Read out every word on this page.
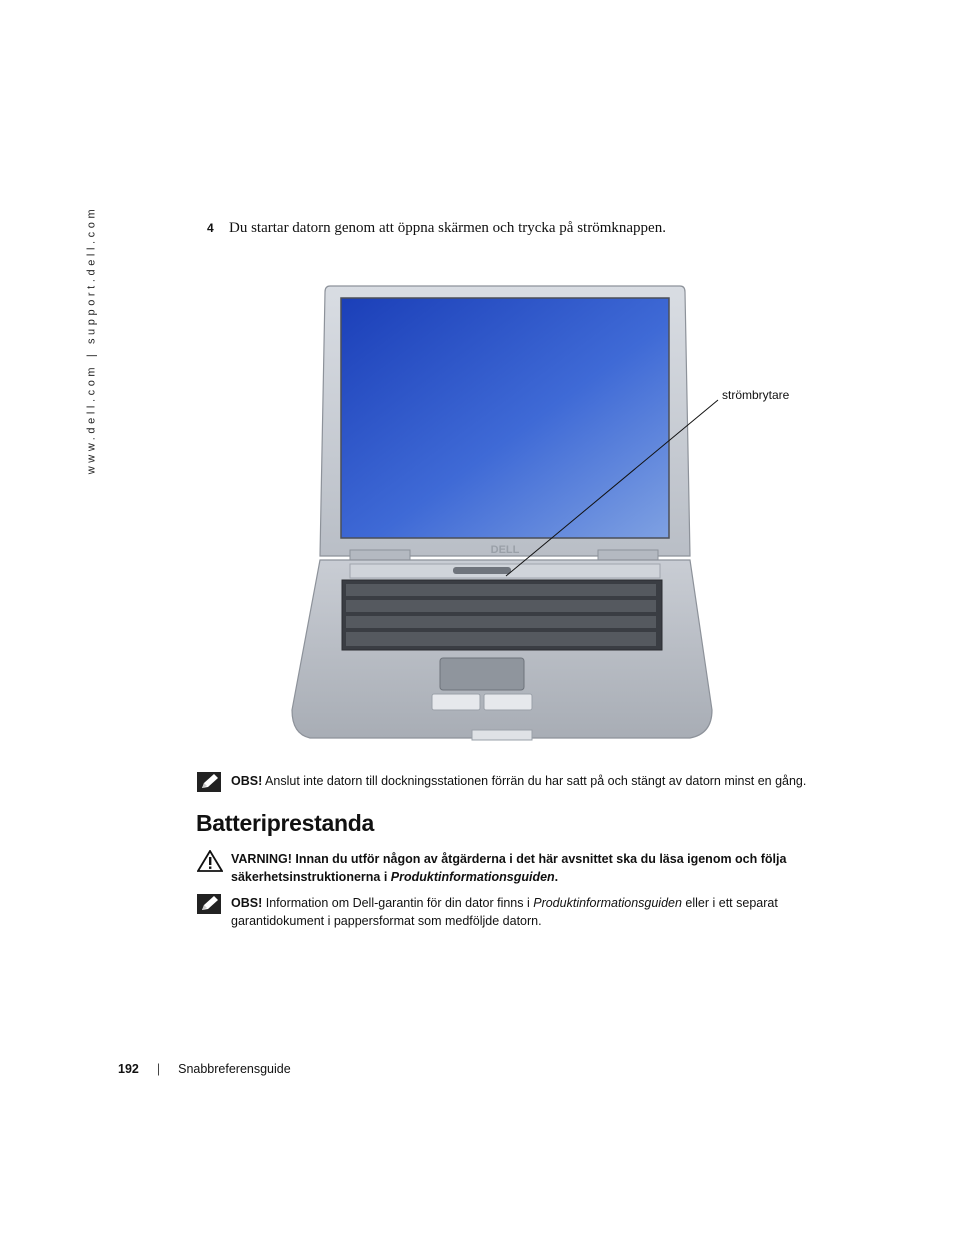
www.dell.com | support.dell.com	4 Du startar datorn genom att öppna skärmen och trycka på strömknappen.
DELL
strömbrytare
OBS! Anslut inte datorn till dockningsstationen förrän du har satt på och stängt av datorn minst en gång.
Batteriprestanda
VARNING! Innan du utför någon av åtgärderna i det här avsnittet ska du läsa igenom och följa säkerhetsinstruktionerna i Produktinformationsguiden.
OBS! Information om Dell-garantin för din dator finns i Produktinformationsguiden eller i ett separat garantidokument i pappersformat som medföljde datorn.
192 | Snabbreferensguide
